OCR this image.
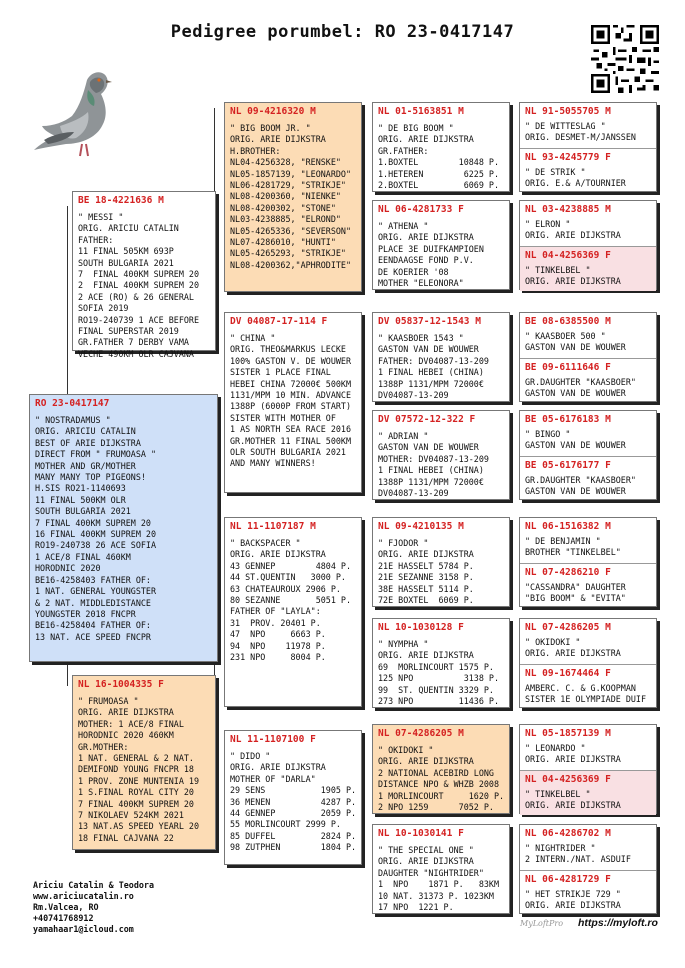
Pedigree porumbel: RO 23-0417147
RO 23-0417147
" NOSTRADAMUS "
ORIG. ARICIU CATALIN
BEST OF ARIE DIJKSTRA
DIRECT FROM " FRUMOASA "
MOTHER AND GR/MOTHER
MANY MANY TOP PIGEONS!
H.SIS RO21-1140693
11 FINAL 500KM OLR
SOUTH BULGARIA 2021
7 FINAL 400KM SUPREM 20
16 FINAL 400KM SUPREM 20
RO19-240738 26 ACE SOFIA
1 ACE/8 FINAL 460KM
HORODNIC 2020
BE16-4258403 FATHER OF:
1 NAT. GENERAL YOUNGSTER
& 2 NAT. MIDDLEDISTANCE
YOUNGSTER 2018 FNCPR
BE16-4258404 FATHER OF:
13 NAT. ACE SPEED FNCPR
BE 18-4221636 M
" MESSI "
ORIG. ARICIU CATALIN
FATHER:
11 FINAL 505KM 693P
SOUTH BULGARIA 2021
7  FINAL 400KM SUPREM 20
2  FINAL 400KM SUPREM 20
2 ACE (RO) & 26 GENERAL
SOFIA 2019
RO19-240739 1 ACE BEFORE
FINAL SUPERSTAR 2019
GR.FATHER 7 DERBY VAMA
VECHE 490KM OLR CAJVANA
NL 16-1004335 F
" FRUMOASA "
ORIG. ARIE DIJKSTRA
MOTHER: 1 ACE/8 FINAL
HORODNIC 2020 460KM
GR.MOTHER:
1 NAT. GENERAL & 2 NAT.
DEMIFOND YOUNG FNCPR 18
1 PROV. ZONE MUNTENIA 19
1 S.FINAL ROYAL CITY 20
7 FINAL 400KM SUPREM 20
7 NIKOLAEV 524KM 2021
13 NAT.AS SPEED YEARL 20
18 FINAL CAJVANA 22
NL 09-4216320 M
" BIG BOOM JR. "
ORIG. ARIE DIJKSTRA
H.BROTHER:
NL04-4256328, "RENSKE"
NL05-1857139, "LEONARDO"
NL06-4281729, "STRIKJE"
NL08-4200360, "NIENKE"
NL08-4200302, "STONE"
NL03-4238885, "ELROND"
NL05-4265336, "SEVERSON"
NL07-4286010, "HUNTI"
NL05-4265293, "STRIKJE"
NL08-4200362,"APHRODITE"
DV 04087-17-114 F
" CHINA "
ORIG. THEO&MARKUS LECKE
100% GASTON V. DE WOUWER
SISTER 1 PLACE FINAL
HEBEI CHINA 72000€ 500KM
1131/MPM 10 MIN. ADVANCE
1388P (6000P FROM START)
SISTER WITH MOTHER OF
1 AS NORTH SEA RACE 2016
GR.MOTHER 11 FINAL 500KM
OLR SOUTH BULGARIA 2021
AND MANY WINNERS!
NL 11-1107187 M
" BACKSPACER "
ORIG. ARIE DIJKSTRA
43 GENNEP        4804 P.
44 ST.QUENTIN   3000 P.
63 CHATEAUROUX 2906 P.
80 SEZANNE       5051 P.
FATHER OF "LAYLA":
31  PROV. 20401 P.
47  NPO     6663 P.
94  NPO    11978 P.
231 NPO     8004 P.
NL 11-1107100 F
" DIDO "
ORIG. ARIE DIJKSTRA
MOTHER OF "DARLA"
29 SENS           1905 P.
36 MENEN          4287 P.
44 GENNEP         2059 P.
55 MORLINCOURT 2999 P.
85 DUFFEL         2824 P.
98 ZUTPHEN        1804 P.
NL 01-5163851 M
" DE BIG BOOM "
ORIG. ARIE DIJKSTRA
GR.FATHER:
1.BOXTEL        10848 P.
1.HETEREN        6225 P.
2.BOXTEL         6069 P.
NL 06-4281733 F
" ATHENA "
ORIG. ARIE DIJKSTRA
PLACE 3E DUIFKAMPIOEN
EENDAAGSE FOND P.V.
DE KOERIER '08
MOTHER "ELEONORA"
DV 05837-12-1543 M
" KAASBOER 1543 "
GASTON VAN DE WOUWER
FATHER: DV04087-13-209
1 FINAL HEBEI (CHINA)
1388P 1131/MPM 72000€
DV04087-13-209
DV 07572-12-322 F
" ADRIAN "
GASTON VAN DE WOUWER
MOTHER: DV04087-13-209
1 FINAL HEBEI (CHINA)
1388P 1131/MPM 72000€
DV04087-13-209
NL 09-4210135 M
" FJODOR "
ORIG. ARIE DIJKSTRA
21E HASSELT 5784 P.
21E SEZANNE 3158 P.
38E HASSELT 5114 P.
72E BOXTEL  6069 P.
NL 10-1030128 F
" NYMPHA "
ORIG. ARIE DIJKSTRA
69  MORLINCOURT 1575 P.
125 NPO          3138 P.
99  ST. QUENTIN 3329 P.
273 NPO         11436 P.
NL 07-4286205 M
" OKIDOKI "
ORIG. ARIE DIJKSTRA
2 NATIONAL ACEBIRD LONG
DISTANCE NPO & WHZB 2008
1 MORLINCOURT     1620 P.
2 NPO 1259      7052 P.
NL 10-1030141 F
" THE SPECIAL ONE "
ORIG. ARIE DIJKSTRA
DAUGHTER "NIGHTRIDER"
1  NPO    1871 P.   83KM
10 NAT. 31373 P. 1023KM
17 NPO  1221 P.
NL 91-5055705 M
" DE WITTESLAG "
ORIG. DESMET-M/JANSSEN
NL 93-4245779 F
" DE STRIK "
ORIG. E.& A/TOURNIER
NL 03-4238885 M
" ELRON "
ORIG. ARIE DIJKSTRA
NL 04-4256369 F
" TINKELBEL "
ORIG. ARIE DIJKSTRA
BE 08-6385500 M
" KAASBOER 500 "
GASTON VAN DE WOUWER
BE 09-6111646 F
GR.DAUGHTER "KAASBOER"
GASTON VAN DE WOUWER
BE 05-6176183 M
" BINGO "
GASTON VAN DE WOUWER
BE 05-6176177 F
GR.DAUGHTER "KAASBOER"
GASTON VAN DE WOUWER
NL 06-1516382 M
" DE BENJAMIN "
BROTHER "TINKELBEL"
NL 07-4286210 F
"CASSANDRA" DAUGHTER
"BIG BOOM" & "EVITA"
NL 07-4286205 M
" OKIDOKI "
ORIG. ARIE DIJKSTRA
NL 09-1674464 F
AMBERC. C. & G.KOOPMAN
SISTER 1E OLYMPIADE DUIF
NL 05-1857139 M
" LEONARDO "
ORIG. ARIE DIJKSTRA
NL 04-4256369 F
" TINKELBEL "
ORIG. ARIE DIJKSTRA
NL 06-4286702 M
" NIGHTRIDER "
2 INTERN./NAT. ASDUIF
NL 06-4281729 F
" HET STRIKJE 729 "
ORIG. ARIE DIJKSTRA
Ariciu Catalin & Teodora
www.ariciucatalin.ro
Rm.Valcea, RO
+40741768912
yamahaar1@icloud.com
MyLoftPro https://myloft.ro
